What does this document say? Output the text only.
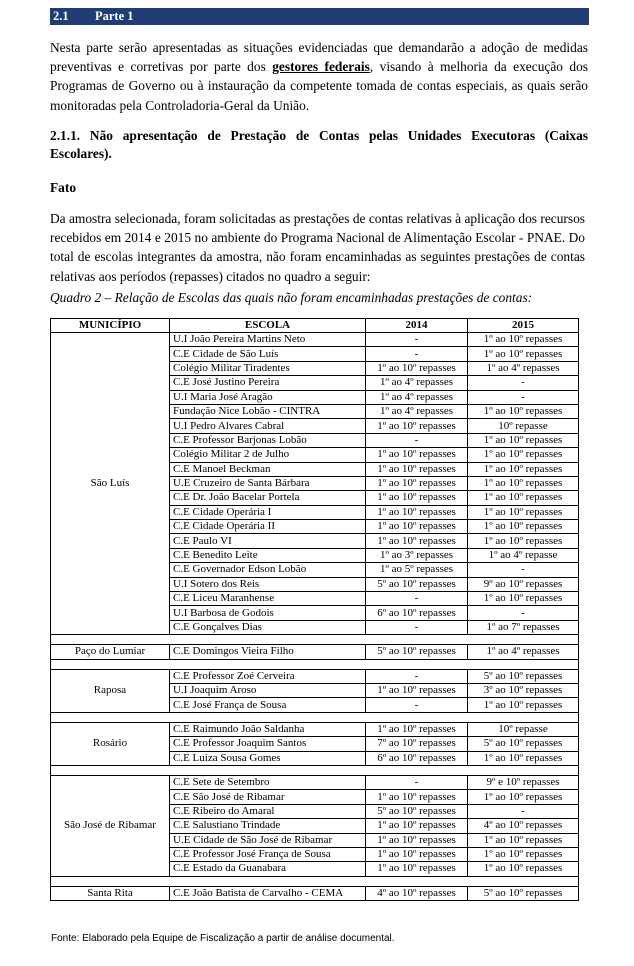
2.1	Parte 1

Nesta parte serão apresentadas as situações evidenciadas que demandarão a adoção de medidas preventivas e corretivas por parte dos gestores federais, visando à melhoria da execução dos Programas de Governo ou à instauração da competente tomada de contas especiais, as quais serão monitoradas pela Controladoria-Geral da União.

2.1.1. Não apresentação de Prestação de Contas pelas Unidades Executoras (Caixas Escolares).

Fato

Da amostra selecionada, foram solicitadas as prestações de contas relativas à aplicação dos recursos recebidos em 2014 e 2015 no ambiente do Programa Nacional de Alimentação Escolar - PNAE. Do total de escolas integrantes da amostra, não foram encaminhadas as seguintes prestações de contas relativas aos períodos (repasses) citados no quadro a seguir:

Quadro 2 – Relação de Escolas das quais não foram encaminhadas prestações de contas:

MUNICÍPIO	ESCOLA	2014	2015
São Luís	U.I João Pereira Martins Neto	-	1º ao 10º repasses
	C.E Cidade de São Luís	-	1º ao 10º repasses
	Colégio Militar Tiradentes	1º ao 10º repasses	1º ao 4º repasses
	C.E José Justino Pereira	1º ao 4º repasses	-
	U.I Maria José Aragão	1º ao 4º repasses	-
	Fundação Nice Lobão - CINTRA	1º ao 4º repasses	1º ao 10º repasses
	U.I Pedro Alvares Cabral	1º ao 10º repasses	10º repasse
	C.E Professor Barjonas Lobão	-	1º ao 10º repasses
	Colégio Militar 2 de Julho	1º ao 10º repasses	1º ao 10º repasses
	C.E Manoel Beckman	1º ao 10º repasses	1º ao 10º repasses
	U.E Cruzeiro de Santa Bárbara	1º ao 10º repasses	1º ao 10º repasses
	C.E Dr. João Bacelar Portela	1º ao 10º repasses	1º ao 10º repasses
	C.E Cidade Operária I	1º ao 10º repasses	1º ao 10º repasses
	C.E Cidade Operária II	1º ao 10º repasses	1º ao 10º repasses
	C.E Paulo VI	1º ao 10º repasses	1º ao 10º repasses
	C.E Benedito Leite	1º ao 3º repasses	1º ao 4º repasse
	C.E Governador Edson Lobão	1º ao 5º repasses	-
	U.I Sotero dos Reis	5º ao 10º repasses	9º ao 10º repasses
	C.E Liceu Maranhense	-	1º ao 10º repasses
	U.I Barbosa de Godois	6º ao 10º repasses	-
	C.E Gonçalves Dias	-	1º ao 7º repasses

Paço do Lumiar	C.E Domingos Vieira Filho	5º ao 10º repasses	1º ao 4º repasses

Raposa	C.E Professor Zoé Cerveira	-	5º ao 10º repasses
	U.I Joaquim Aroso	1º ao 10º repasses	3º ao 10º repasses
	C.E José França de Sousa	-	1º ao 10º repasses

Rosário	C.E Raimundo João Saldanha	1º ao 10º repasses	10º repasse
	C.E Professor Joaquim Santos	7º ao 10º repasses	5º ao 10º repasses
	C.E Luiza Sousa Gomes	6º ao 10º repasses	1º ao 10º repasses

São José de Ribamar	C.E Sete de Setembro	-	9º e 10º repasses
	C.E São José de Ribamar	1º ao 10º repasses	1º ao 10º repasses
	C.E Ribeiro do Amaral	5º ao 10º repasses	-
	C.E Salustiano Trindade	1º ao 10º repasses	4º ao 10º repasses
	U.E Cidade de São José de Ribamar	1º ao 10º repasses	1º ao 10º repasses
	C.E Professor José França de Sousa	1º ao 10º repasses	1º ao 10º repasses
	C.E Estado da Guanabara	1º ao 10º repasses	1º ao 10º repasses

Santa Rita	C.E João Batista de Carvalho - CEMA	4º ao 10º repasses	5º ao 10º repasses

Fonte: Elaborado pela Equipe de Fiscalização a partir de análise documental.
